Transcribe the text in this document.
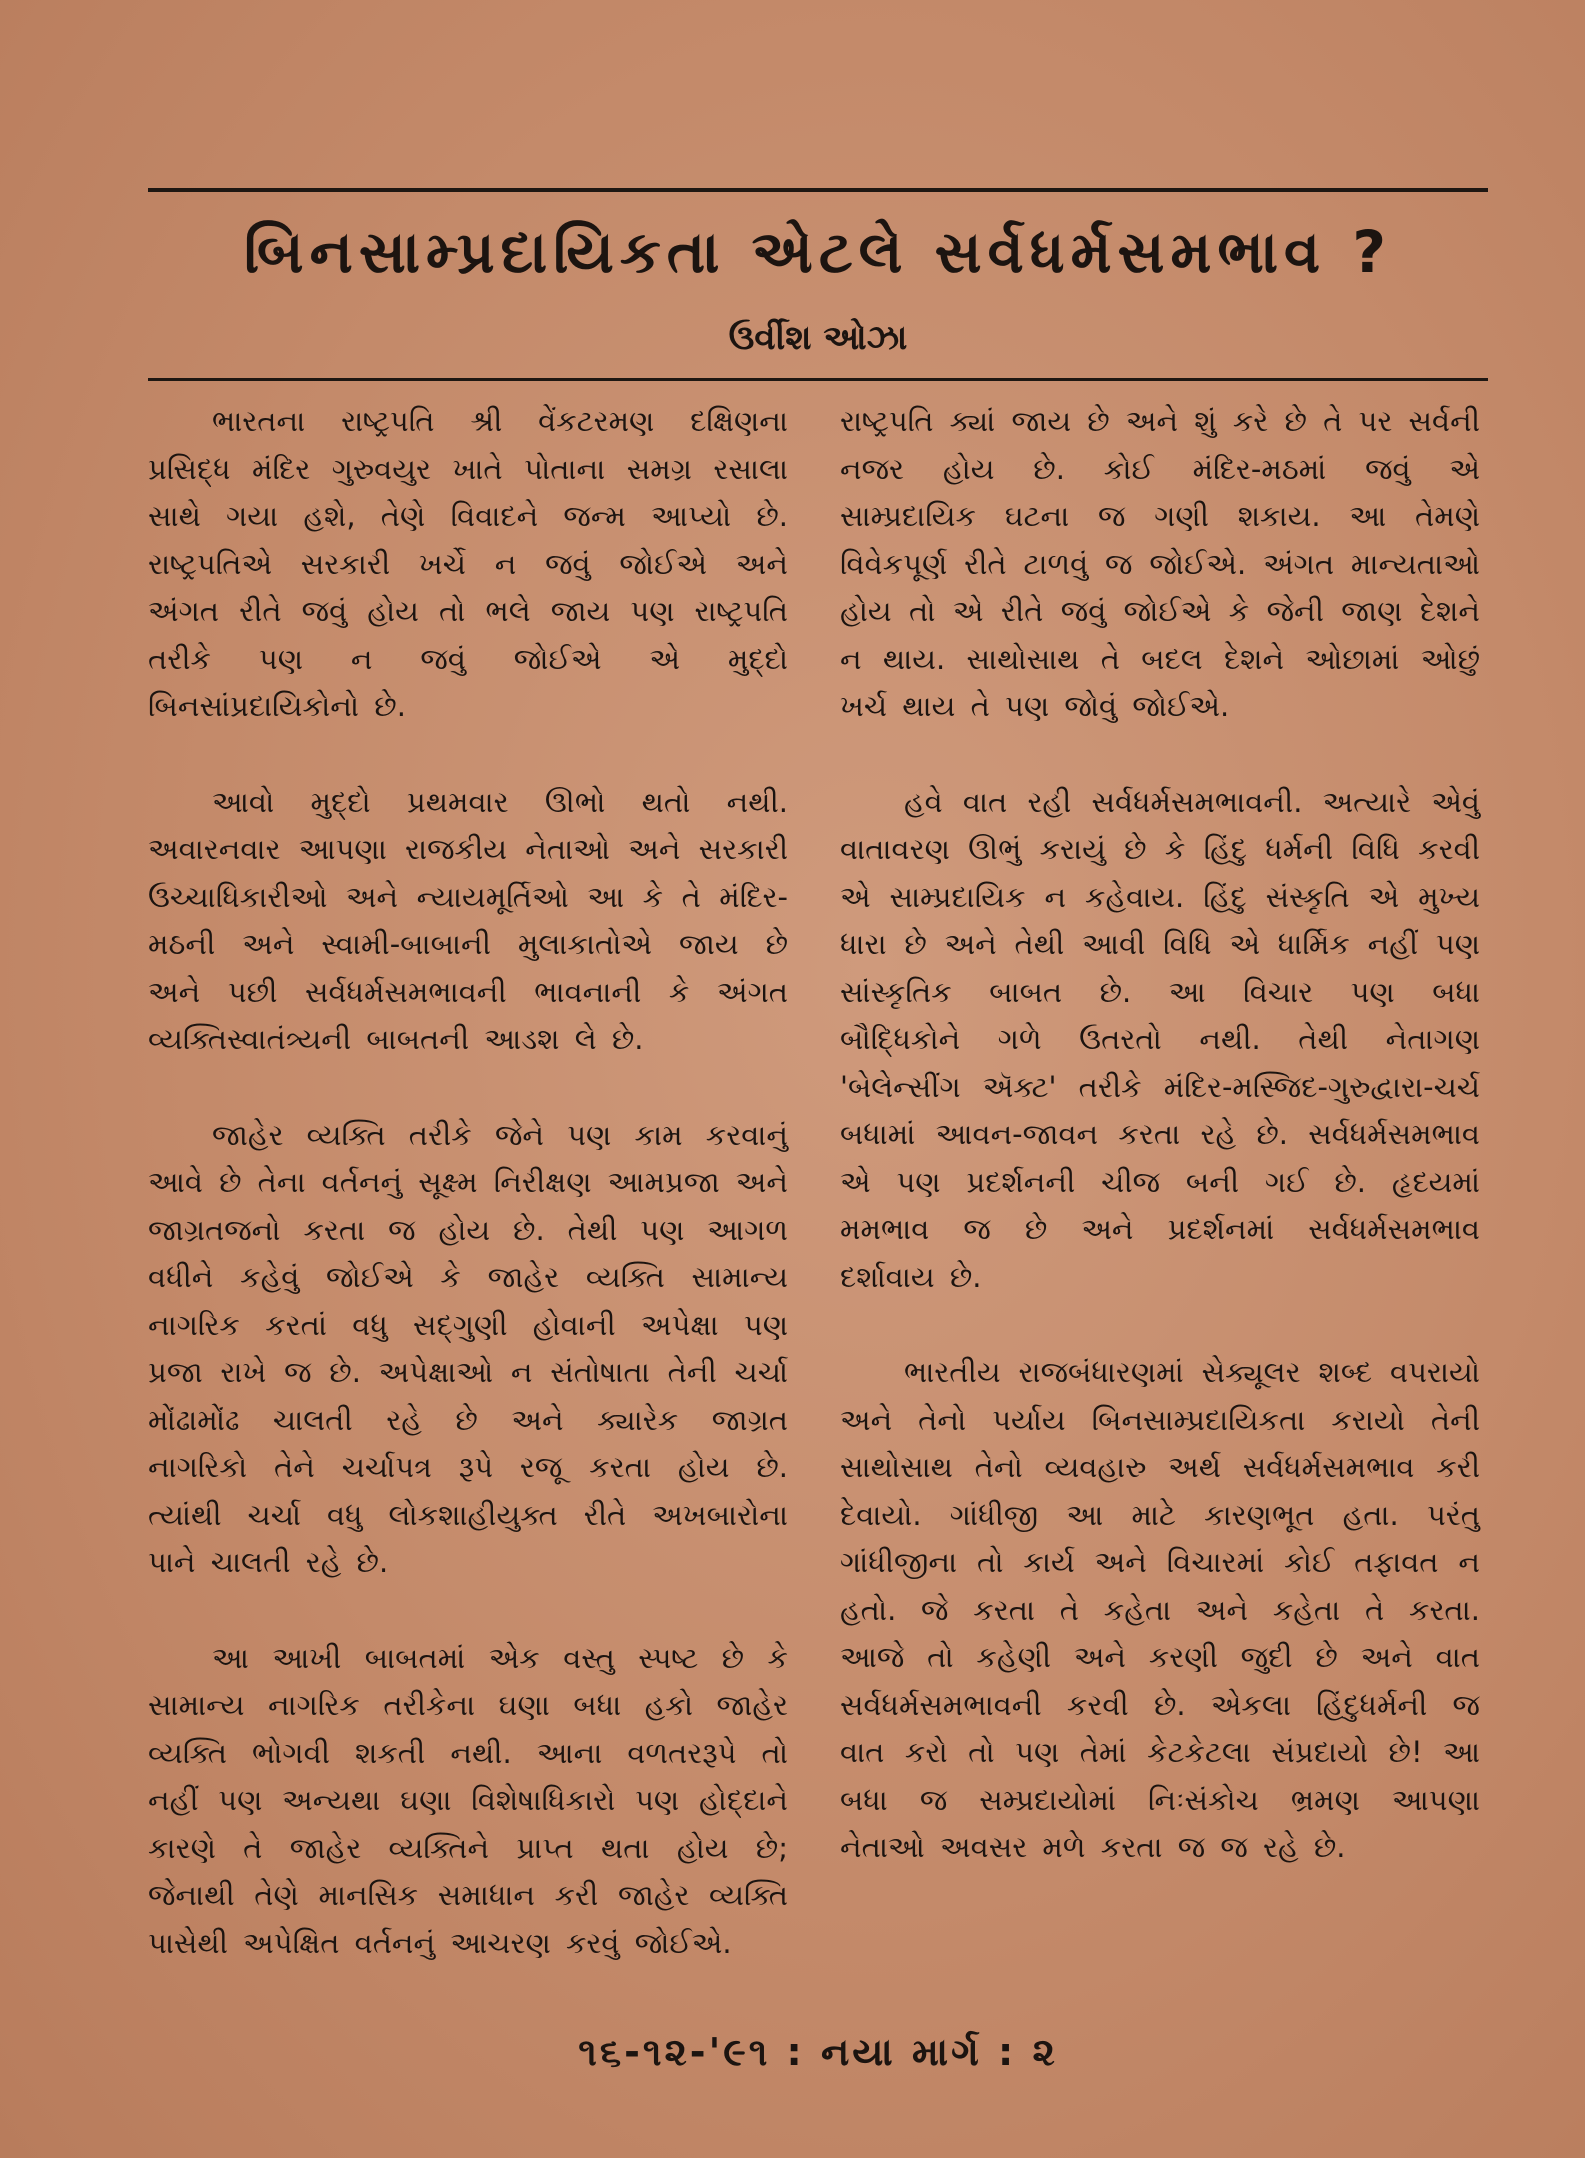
બિનસામ્પ્રદાયિકતા એટલે સર્વધર્મસમભાવ ?

ઉર્વીશ ઓઝા

ભારતના રાષ્ટ્રપતિ શ્રી વેંકટરમણ દક્ષિણના પ્રસિદ્ધ મંદિર ગુરુવયુર ખાતે પોતાના સમગ્ર રસાલા સાથે ગયા હશે, તેણે વિવાદને જન્મ આપ્યો છે. રાષ્ટ્રપતિએ સરકારી ખર્ચે ન જવું જોઈએ અને અંગત રીતે જવું હોય તો ભલે જાય પણ રાષ્ટ્રપતિ તરીકે પણ ન જવું જોઈએ એ મુદ્દો બિનસાંપ્રદાયિકોનો છે.

આવો મુદ્દો પ્રથમવાર ઊભો થતો નથી. અવારનવાર આપણા રાજકીય નેતાઓ અને સરકારી ઉચ્ચાધિકારીઓ અને ન્યાયમૂર્તિઓ આ કે તે મંદિર-મઠની અને સ્વામી-બાબાની મુલાકાતોએ જાય છે અને પછી સર્વધર્મસમભાવની ભાવનાની કે અંગત વ્યક્તિસ્વાતંત્ર્યની બાબતની આડશ લે છે.

જાહેર વ્યક્તિ તરીકે જેને પણ કામ કરવાનું આવે છે તેના વર્તનનું સૂક્ષ્મ નિરીક્ષણ આમપ્રજા અને જાગ્રતજનો કરતા જ હોય છે. તેથી પણ આગળ વધીને કહેવું જોઈએ કે જાહેર વ્યક્તિ સામાન્ય નાગરિક કરતાં વધુ સદ્ગુણી હોવાની અપેક્ષા પણ પ્રજા રાખે જ છે. અપેક્ષાઓ ન સંતોષાતા તેની ચર્ચા મોંઢામોંઢ ચાલતી રહે છે અને ક્યારેક જાગ્રત નાગરિકો તેને ચર્ચાપત્ર રૂપે રજૂ કરતા હોય છે. ત્યાંથી ચર્ચા વધુ લોકશાહીયુક્ત રીતે અખબારોના પાને ચાલતી રહે છે.

આ આખી બાબતમાં એક વસ્તુ સ્પષ્ટ છે કે સામાન્ય નાગરિક તરીકેના ઘણા બધા હકો જાહેર વ્યક્તિ ભોગવી શકતી નથી. આના વળતરરૂપે તો નહીં પણ અન્યથા ઘણા વિશેષાધિકારો પણ હોદ્દાને કારણે તે જાહેર વ્યક્તિને પ્રાપ્ત થતા હોય છે; જેનાથી તેણે માનસિક સમાધાન કરી જાહેર વ્યક્તિ પાસેથી અપેક્ષિત વર્તનનું આચરણ કરવું જોઈએ.

રાષ્ટ્રપતિ ક્યાં જાય છે અને શું કરે છે તે પર સર્વની નજર હોય છે. કોઈ મંદિર-મઠમાં જવું એ સામ્પ્રદાયિક ઘટના જ ગણી શકાય. આ તેમણે વિવેકપૂર્ણ રીતે ટાળવું જ જોઈએ. અંગત માન્યતાઓ હોય તો એ રીતે જવું જોઈએ કે જેની જાણ દેશને ન થાય. સાથોસાથ તે બદલ દેશને ઓછામાં ઓછું ખર્ચ થાય તે પણ જોવું જોઈએ.

હવે વાત રહી સર્વધર્મસમભાવની. અત્યારે એવું વાતાવરણ ઊભું કરાયું છે કે હિંદુ ધર્મની વિધિ કરવી એ સામ્પ્રદાયિક ન કહેવાય. હિંદુ સંસ્કૃતિ એ મુખ્ય ધારા છે અને તેથી આવી વિધિ એ ધાર્મિક નહીં પણ સાંસ્કૃતિક બાબત છે. આ વિચાર પણ બધા બૌદ્ધિકોને ગળે ઉતરતો નથી. તેથી નેતાગણ 'બેલેન્સીંગ ઍક્ટ' તરીકે મંદિર-મસ્જિદ-ગુરુદ્વારા-ચર્ચ બધામાં આવન-જાવન કરતા રહે છે. સર્વધર્મસમભાવ એ પણ પ્રદર્શનની ચીજ બની ગઈ છે. હૃદયમાં મમભાવ જ છે અને પ્રદર્શનમાં સર્વધર્મસમભાવ દર્શાવાય છે.

ભારતીય રાજબંધારણમાં સેક્યૂલર શબ્દ વપરાયો અને તેનો પર્યાય બિનસામ્પ્રદાયિકતા કરાયો તેની સાથોસાથ તેનો વ્યવહારુ અર્થ સર્વધર્મસમભાવ કરી દેવાયો. ગાંધીજી આ માટે કારણભૂત હતા. પરંતુ ગાંધીજીના તો કાર્ય અને વિચારમાં કોઈ તફાવત ન હતો. જે કરતા તે કહેતા અને કહેતા તે કરતા. આજે તો કહેણી અને કરણી જુદી છે અને વાત સર્વધર્મસમભાવની કરવી છે. એકલા હિંદુધર્મની જ વાત કરો તો પણ તેમાં કેટકેટલા સંપ્રદાયો છે! આ બધા જ સમ્પ્રદાયોમાં નિઃસંકોચ ભ્રમણ આપણા નેતાઓ અવસર મળે કરતા જ જ રહે છે.

૧૬-૧૨-'૯૧ : નયા માર્ગ : ૨
